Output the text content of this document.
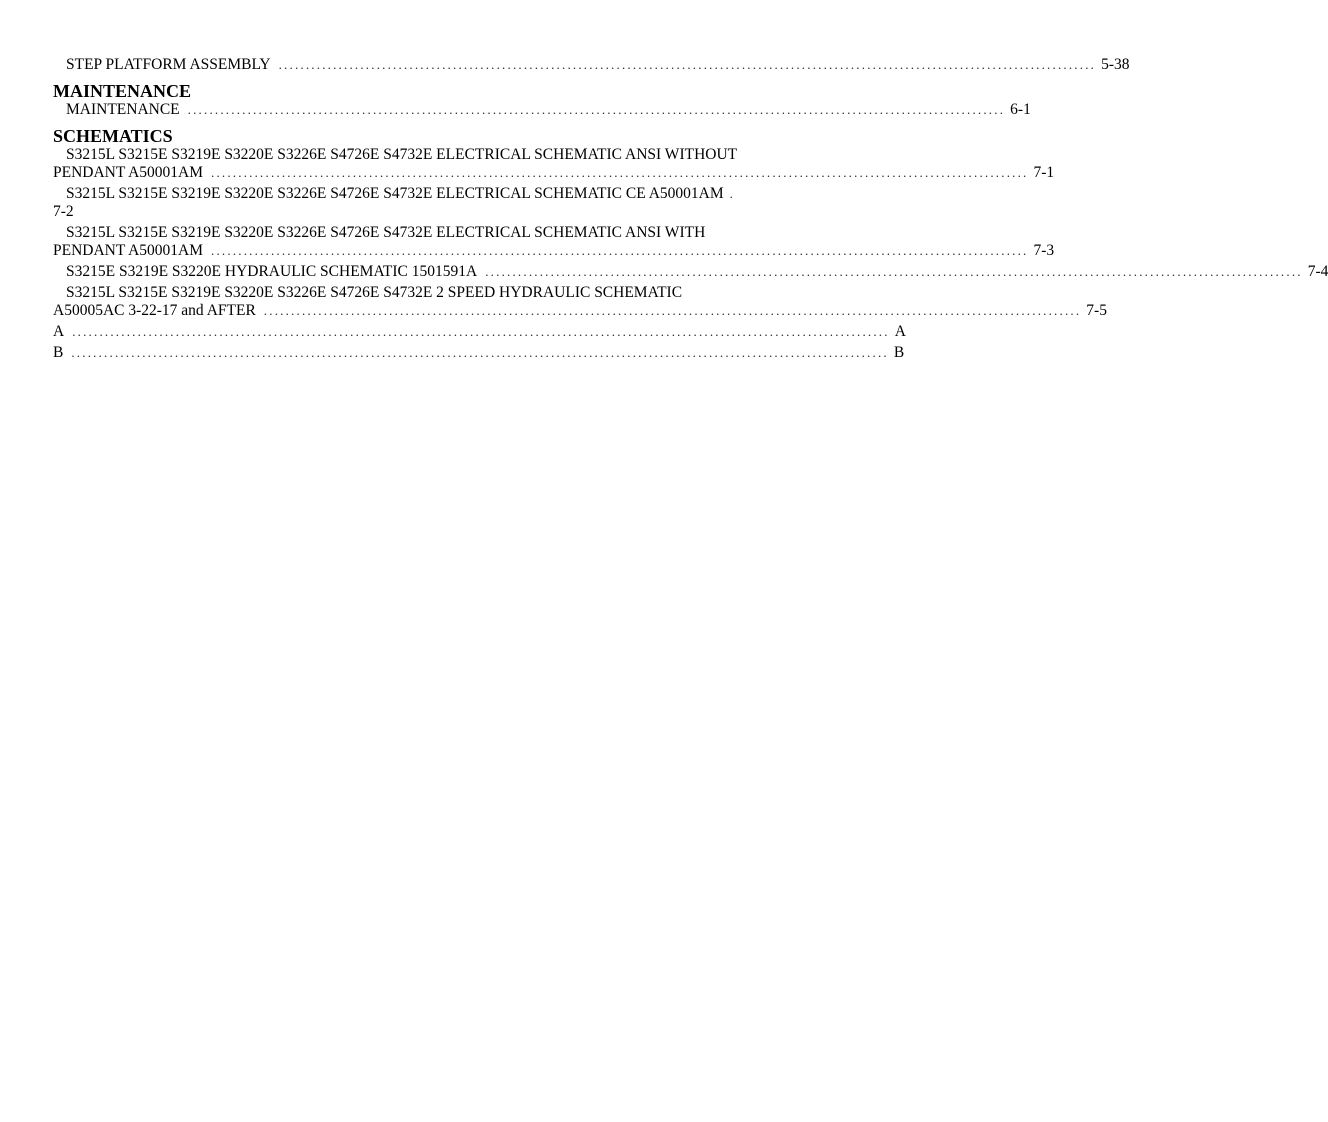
STEP PLATFORM ASSEMBLY ...................................................................................................................................................... 5-38
MAINTENANCE
MAINTENANCE ...................................................................................................................................................... 6-1
SCHEMATICS
S3215L S3215E S3219E S3220E S3226E S4726E S4732E ELECTRICAL SCHEMATIC ANSI WITHOUT
PENDANT A50001AM ...................................................................................................................................................... 7-1
S3215L S3215E S3219E S3220E S3226E S4726E S4732E ELECTRICAL SCHEMATIC CE A50001AM .
7-2
S3215L S3215E S3219E S3220E S3226E S4726E S4732E ELECTRICAL SCHEMATIC ANSI WITH
PENDANT A50001AM ...................................................................................................................................................... 7-3
S3215E S3219E S3220E HYDRAULIC SCHEMATIC 1501591A ...................................................................................................................................................... 7-4
S3215L S3215E S3219E S3220E S3226E S4726E S4732E 2 SPEED HYDRAULIC SCHEMATIC
A50005AC 3-22-17 and AFTER ...................................................................................................................................................... 7-5
A ...................................................................................................................................................... A
B ...................................................................................................................................................... B
